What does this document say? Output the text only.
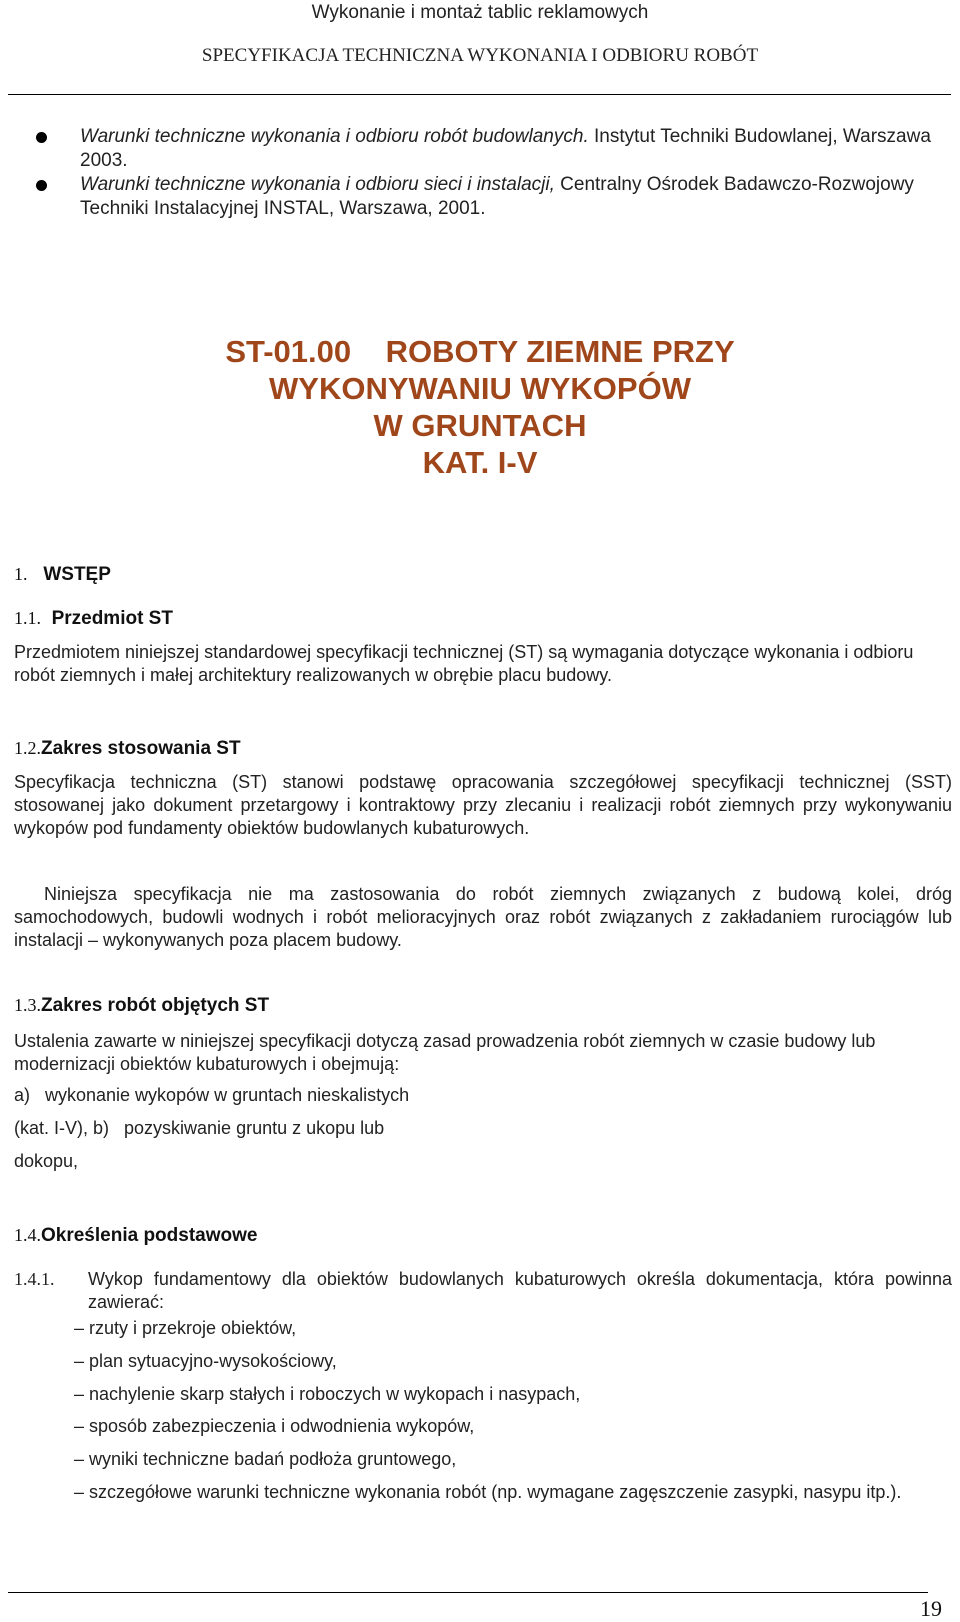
Wykonanie i montaż tablic reklamowych
SPECYFIKACJA TECHNICZNA WYKONANIA I ODBIORU ROBÓT
Warunki techniczne wykonania i odbioru robót budowlanych. Instytut Techniki Budowlanej, Warszawa 2003.
Warunki techniczne wykonania i odbioru sieci i instalacji, Centralny Ośrodek Badawczo-Rozwojowy Techniki Instalacyjnej INSTAL, Warszawa, 2001.
ST-01.00    ROBOTY ZIEMNE PRZY
WYKONYWANIU WYKOPÓW
W GRUNTACH
KAT. I-V
1. WSTĘP
1.1. Przedmiot ST
Przedmiotem niniejszej standardowej specyfikacji technicznej (ST) są wymagania dotyczące wykonania i odbioru robót ziemnych i małej architektury realizowanych w obrębie placu budowy.
1.2.Zakres stosowania ST
Specyfikacja techniczna (ST) stanowi podstawę opracowania szczegółowej specyfikacji technicznej (SST) stosowanej jako dokument przetargowy i kontraktowy przy zlecaniu i realizacji robót ziemnych przy wykonywaniu wykopów pod fundamenty obiektów budowlanych kubaturowych.
Niniejsza specyfikacja nie ma zastosowania do robót ziemnych związanych z budową kolei, dróg samochodowych, budowli wodnych i robót melioracyjnych oraz robót związanych z zakładaniem rurociągów lub instalacji – wykonywanych poza placem budowy.
1.3.Zakres robót objętych ST
Ustalenia zawarte w niniejszej specyfikacji dotyczą zasad prowadzenia robót ziemnych w czasie budowy lub modernizacji obiektów kubaturowych i obejmują:
a)   wykonanie wykopów w gruntach nieskalistych
(kat. I-V), b)   pozyskiwanie gruntu z ukopu lub
dokopu,
1.4.Określenia podstawowe
1.4.1. Wykop fundamentowy dla obiektów budowlanych kubaturowych określa dokumentacja, która powinna zawierać:
– rzuty i przekroje obiektów,
– plan sytuacyjno-wysokościowy,
– nachylenie skarp stałych i roboczych w wykopach i nasypach,
– sposób zabezpieczenia i odwodnienia wykopów,
– wyniki techniczne badań podłoża gruntowego,
– szczegółowe warunki techniczne wykonania robót (np. wymagane zagęszczenie zasypki, nasypu itp.).
19
